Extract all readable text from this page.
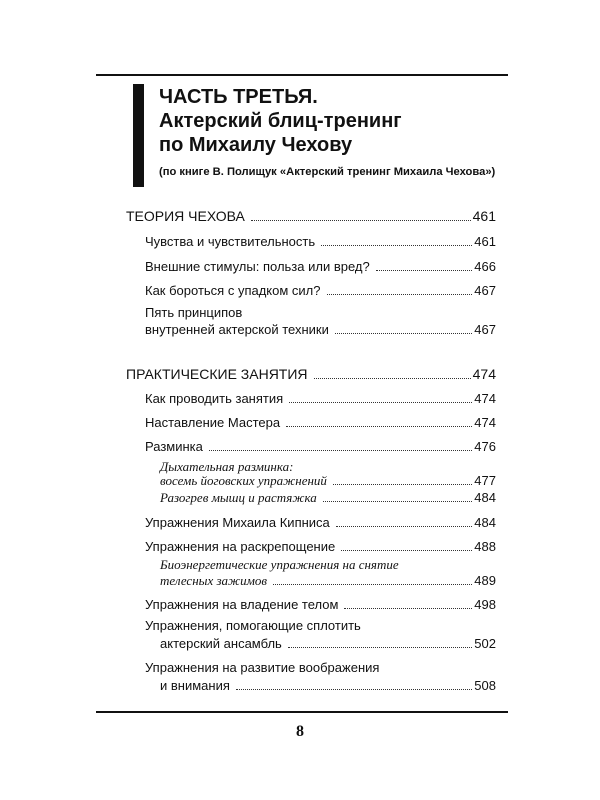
ЧАСТЬ ТРЕТЬЯ.
Актерский блиц-тренинг
по Михаилу Чехову
(по книге В. Полищук «Актерский тренинг Михаила Чехова»)
ТЕОРИЯ ЧЕХОВА	461
Чувства и чувствительность	461
Внешние стимулы: польза или вред?	466
Как бороться с упадком сил?	467
Пять принципов
внутренней актерской техники	467
ПРАКТИЧЕСКИЕ ЗАНЯТИЯ	474
Как проводить занятия	474
Наставление Мастера	474
Разминка	476
Дыхательная разминка:
восемь йоговских упражнений	477
Разогрев мышц и растяжка	484
Упражнения Михаила Кипниса	484
Упражнения на раскрепощение	488
Биоэнергетические упражнения на снятие
телесных зажимов	489
Упражнения на владение телом	498
Упражнения, помогающие сплотить
актерский ансамбль	502
Упражнения на развитие воображения
и внимания	508
8
